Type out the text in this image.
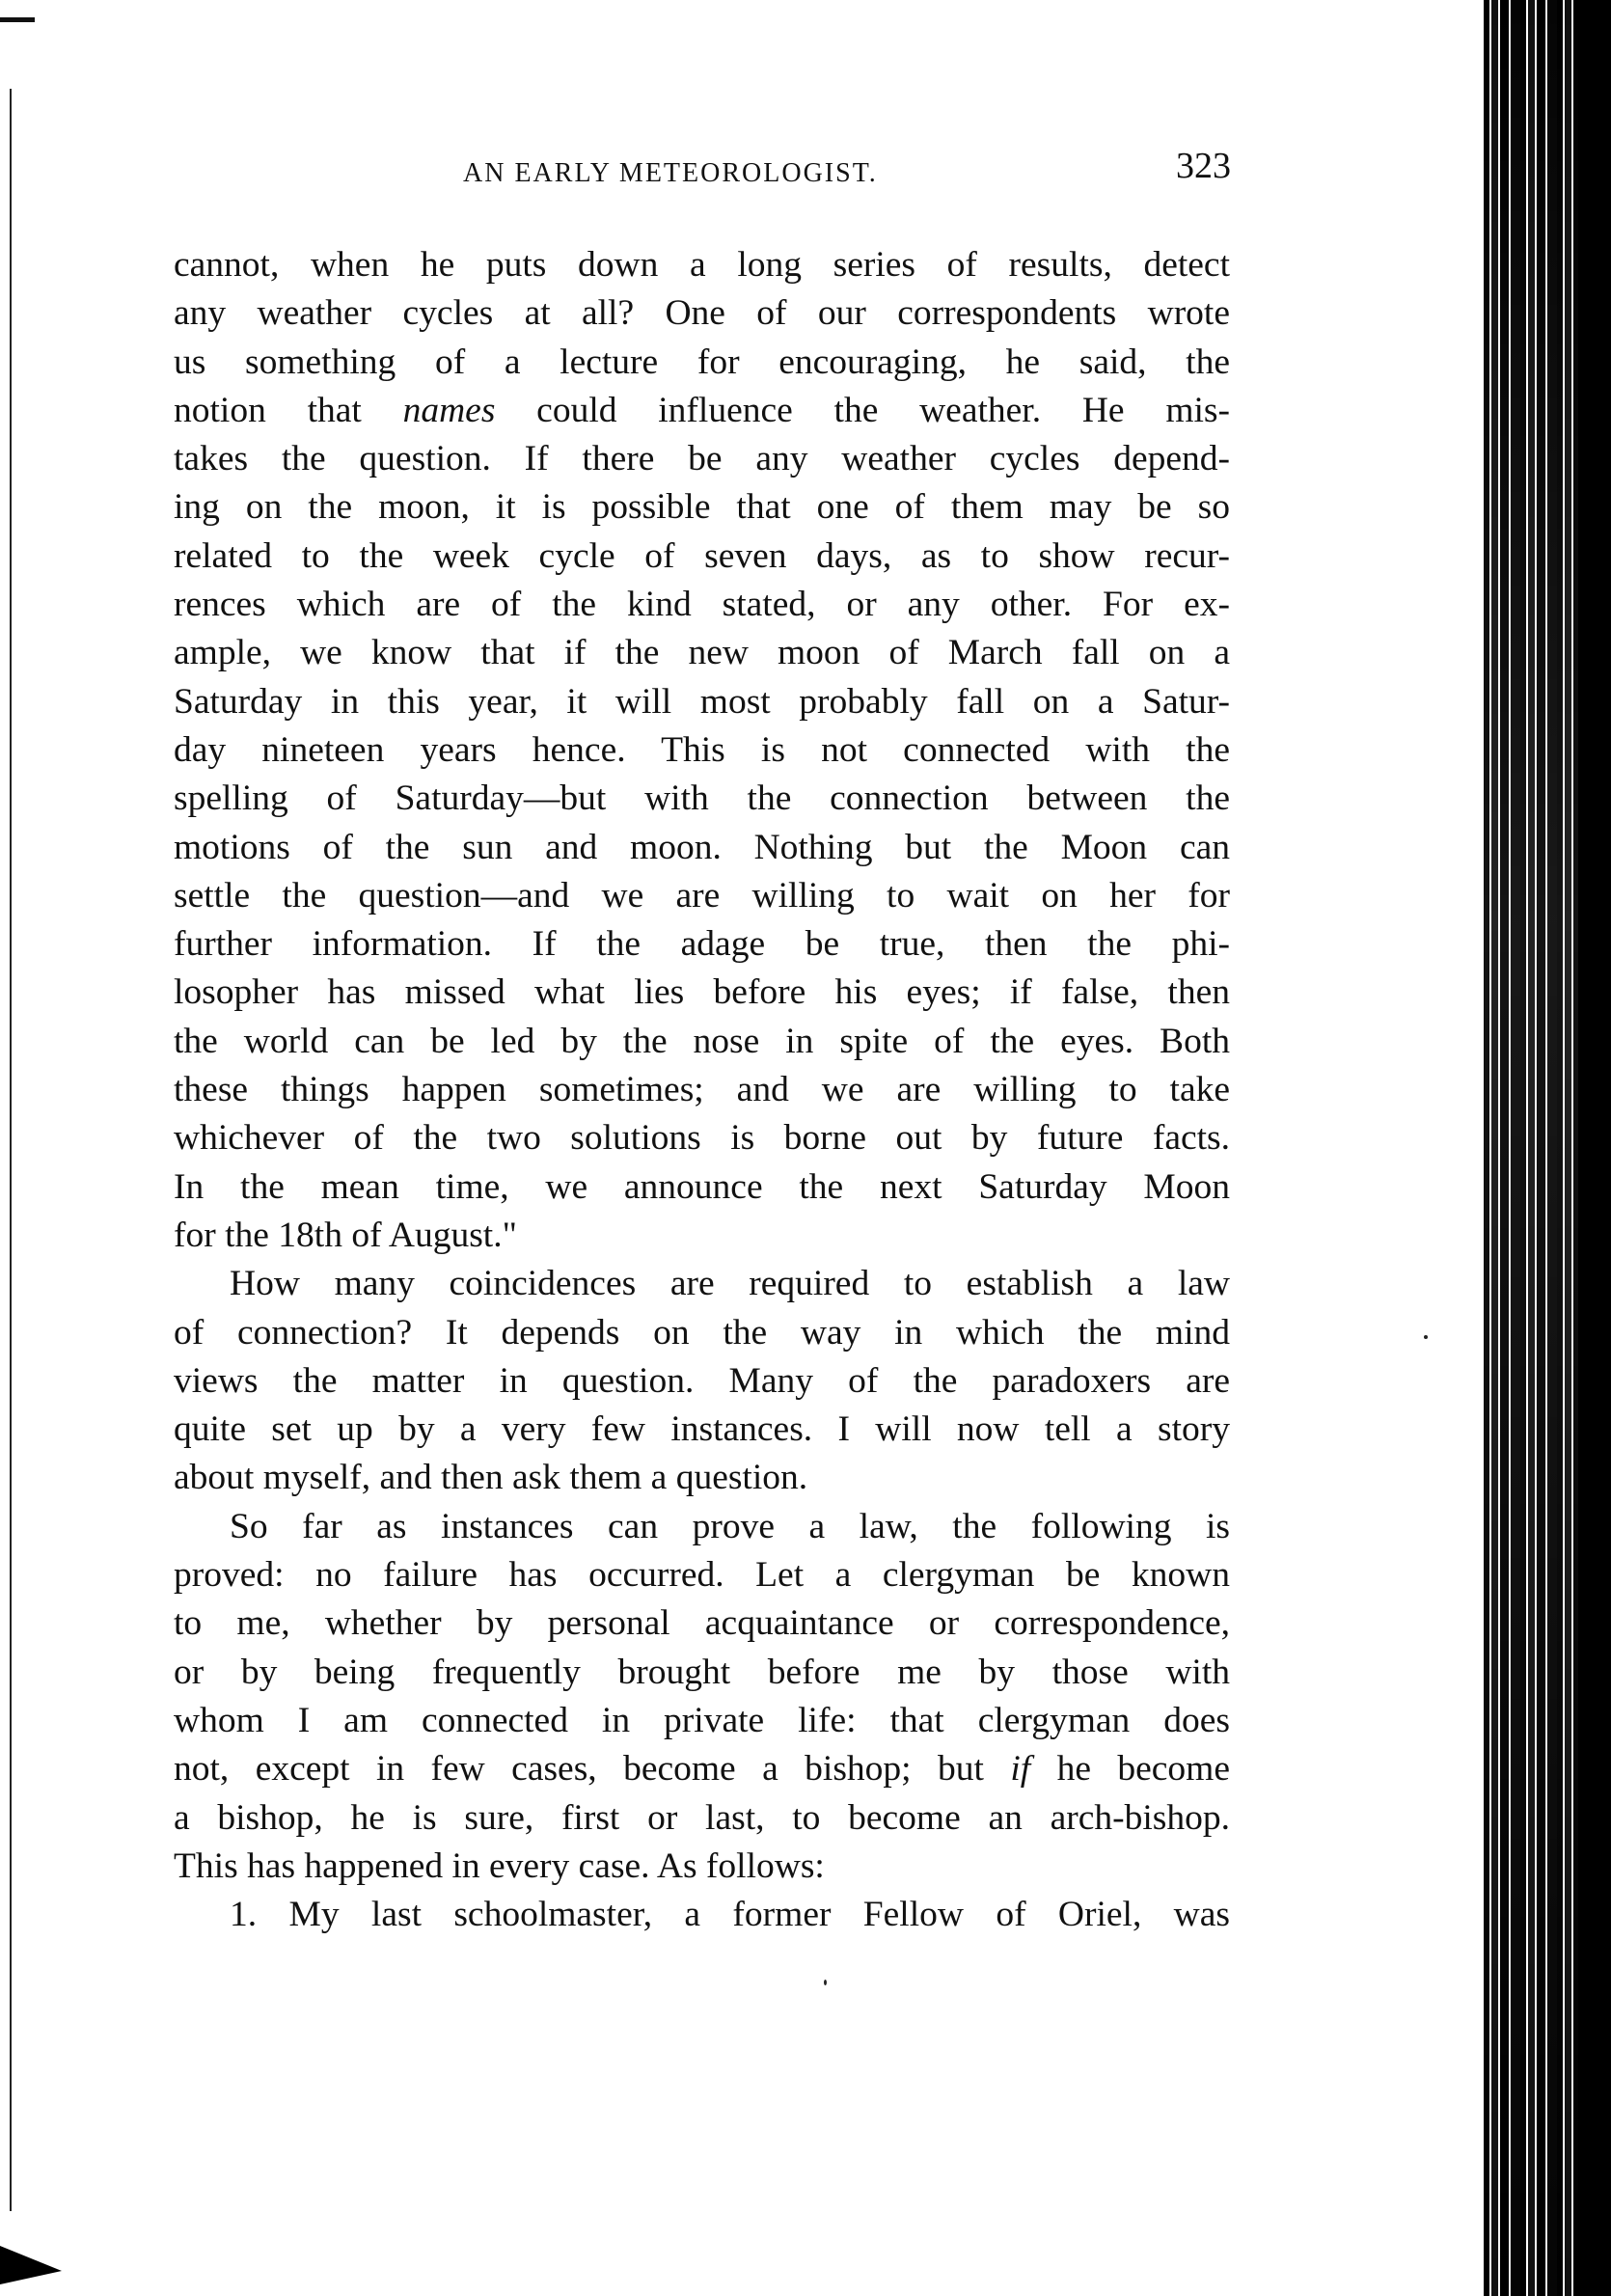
AN EARLY METEOROLOGIST.	323
cannot, when he puts down a long series of results, detect
any weather cycles at all? One of our correspondents wrote
us something of a lecture for encouraging, he said, the
notion that names could influence the weather. He mis-
takes the question. If there be any weather cycles depend-
ing on the moon, it is possible that one of them may be so
related to the week cycle of seven days, as to show recur-
rences which are of the kind stated, or any other. For ex-
ample, we know that if the new moon of March fall on a
Saturday in this year, it will most probably fall on a Satur-
day nineteen years hence. This is not connected with the
spelling of Saturday—but with the connection between the
motions of the sun and moon. Nothing but the Moon can
settle the question—and we are willing to wait on her for
further information. If the adage be true, then the phi-
losopher has missed what lies before his eyes; if false, then
the world can be led by the nose in spite of the eyes. Both
these things happen sometimes; and we are willing to take
whichever of the two solutions is borne out by future facts.
In the mean time, we announce the next Saturday Moon
for the 18th of August."
How many coincidences are required to establish a law
of connection? It depends on the way in which the mind
views the matter in question. Many of the paradoxers are
quite set up by a very few instances. I will now tell a story
about myself, and then ask them a question.
So far as instances can prove a law, the following is
proved: no failure has occurred. Let a clergyman be known
to me, whether by personal acquaintance or correspondence,
or by being frequently brought before me by those with
whom I am connected in private life: that clergyman does
not, except in few cases, become a bishop; but if he become
a bishop, he is sure, first or last, to become an arch-bishop.
This has happened in every case. As follows:
1. My last schoolmaster, a former Fellow of Oriel, was
